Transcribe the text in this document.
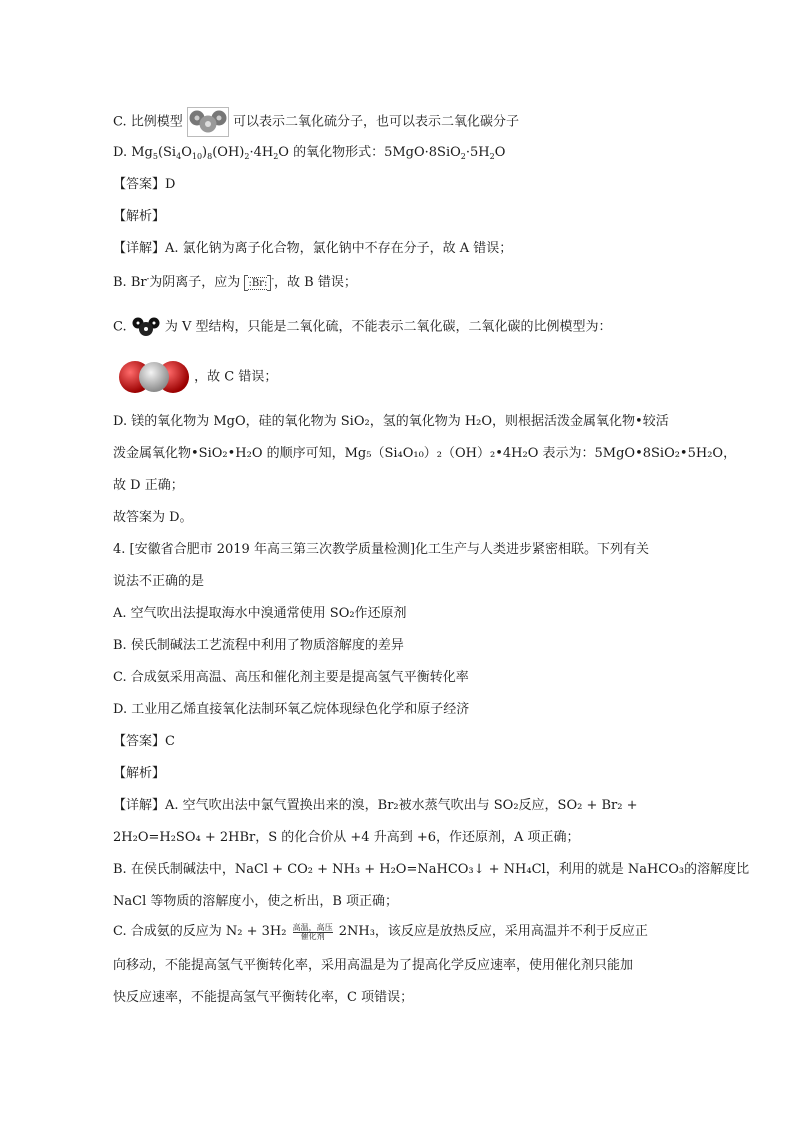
C. 比例模型	可以表示二氧化硫分子，也可以表示二氧化碳分子
D. $Mg_5(Si_4O_{10})_8(OH)_2\cdot 4H_2O$ 的氧化物形式：$5MgO\cdot 8SiO_2\cdot 5H_2O$
【答案】D
【解析】
【详解】A. 氯化钠为离子化合物，氯化钠中不存在分子，故 A 错误；
B. Br-为阴离子，应为 :Br: -，故 B 错误；
C.	为 V 型结构，只能是二氧化硫，不能表示二氧化碳，二氧化碳的比例模型为：
，故 C 错误；
D. 镁的氧化物为 MgO，硅的氧化物为 SiO₂，氢的氧化物为 H₂O，则根据活泼金属氧化物•较活
泼金属氧化物•SiO₂•H₂O 的顺序可知，Mg₅（Si₄O₁₀）₂（OH）₂•4H₂O 表示为：5MgO•8SiO₂•5H₂O，
故 D 正确；
故答案为 D。
4. [安徽省合肥市 2019 年高三第三次教学质量检测]化工生产与人类进步紧密相联。下列有关
说法不正确的是
A. 空气吹出法提取海水中溴通常使用 SO₂作还原剂
B. 侯氏制碱法工艺流程中利用了物质溶解度的差异
C. 合成氨采用高温、高压和催化剂主要是提高氢气平衡转化率
D. 工业用乙烯直接氧化法制环氧乙烷体现绿色化学和原子经济
【答案】C
【解析】
【详解】A. 空气吹出法中氯气置换出来的溴，Br₂被水蒸气吹出与 SO₂反应，SO₂ + Br₂ +
2H₂O=H₂SO₄ + 2HBr，S 的化合价从 +4 升高到 +6，作还原剂，A 项正确；
B. 在侯氏制碱法中，NaCl + CO₂ + NH₃ + H₂O=NaHCO₃↓ + NH₄Cl，利用的就是 NaHCO₃的溶解度比
NaCl 等物质的溶解度小，使之析出，B 项正确；
C. 合成氨的反应为 N₂ + 3H₂ 高温，高压
催化剂	2NH₃，该反应是放热反应，采用高温并不利于反应正
向移动，不能提高氢气平衡转化率，采用高温是为了提高化学反应速率，使用催化剂只能加
快反应速率，不能提高氢气平衡转化率，C 项错误；
